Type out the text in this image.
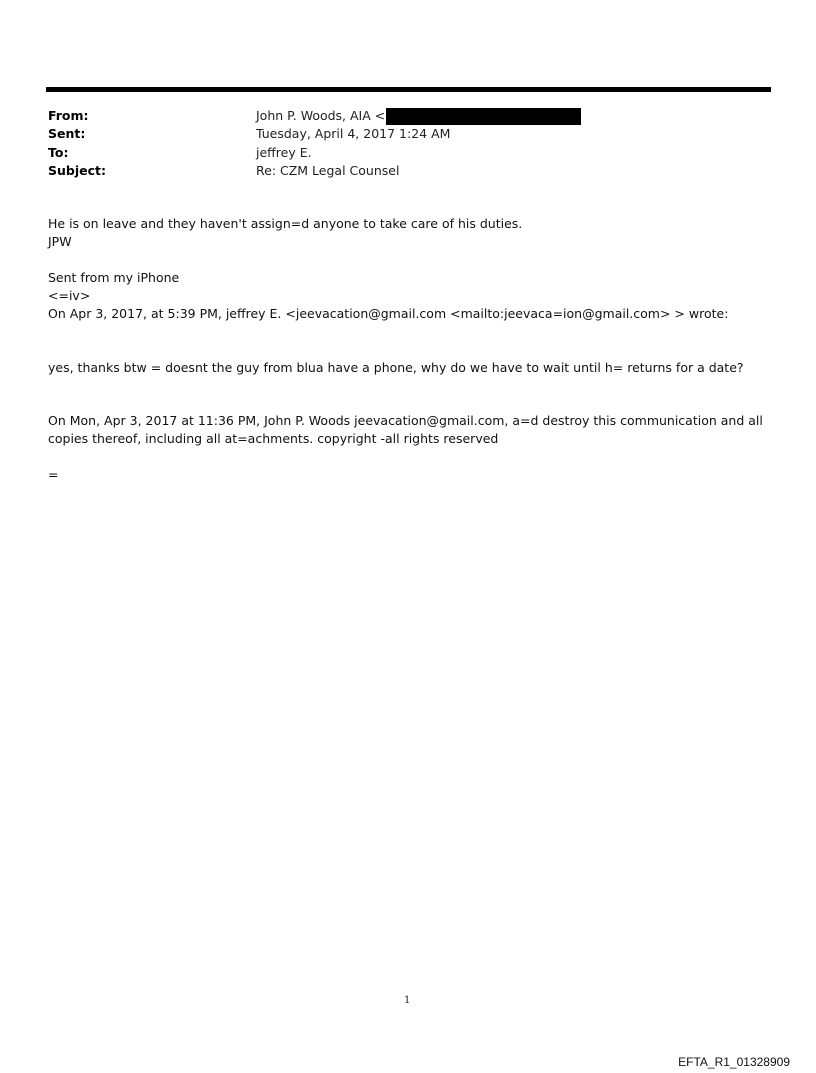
From:	John P. Woods, AIA <
Sent:	Tuesday, April 4, 2017 1:24 AM
To:	jeffrey E.
Subject:	Re: CZM Legal Counsel
He is on leave and they haven't assign=d anyone to take care of his duties.
JPW
Sent from my iPhone
<=iv>
On Apr 3, 2017, at 5:39 PM, jeffrey E. <jeevacation@gmail.com <mailto:jeevaca=ion@gmail.com> > wrote:
yes, thanks btw = doesnt the guy from blua have a phone, why do we have to wait until h= returns for a date?
On Mon, Apr 3, 2017 at 11:36 PM, John P. Woods jeevacation@gmail.com, a=d destroy this communication and all
copies thereof, including all at=achments. copyright -all rights reserved
=
1
EFTA_R1_01328909
